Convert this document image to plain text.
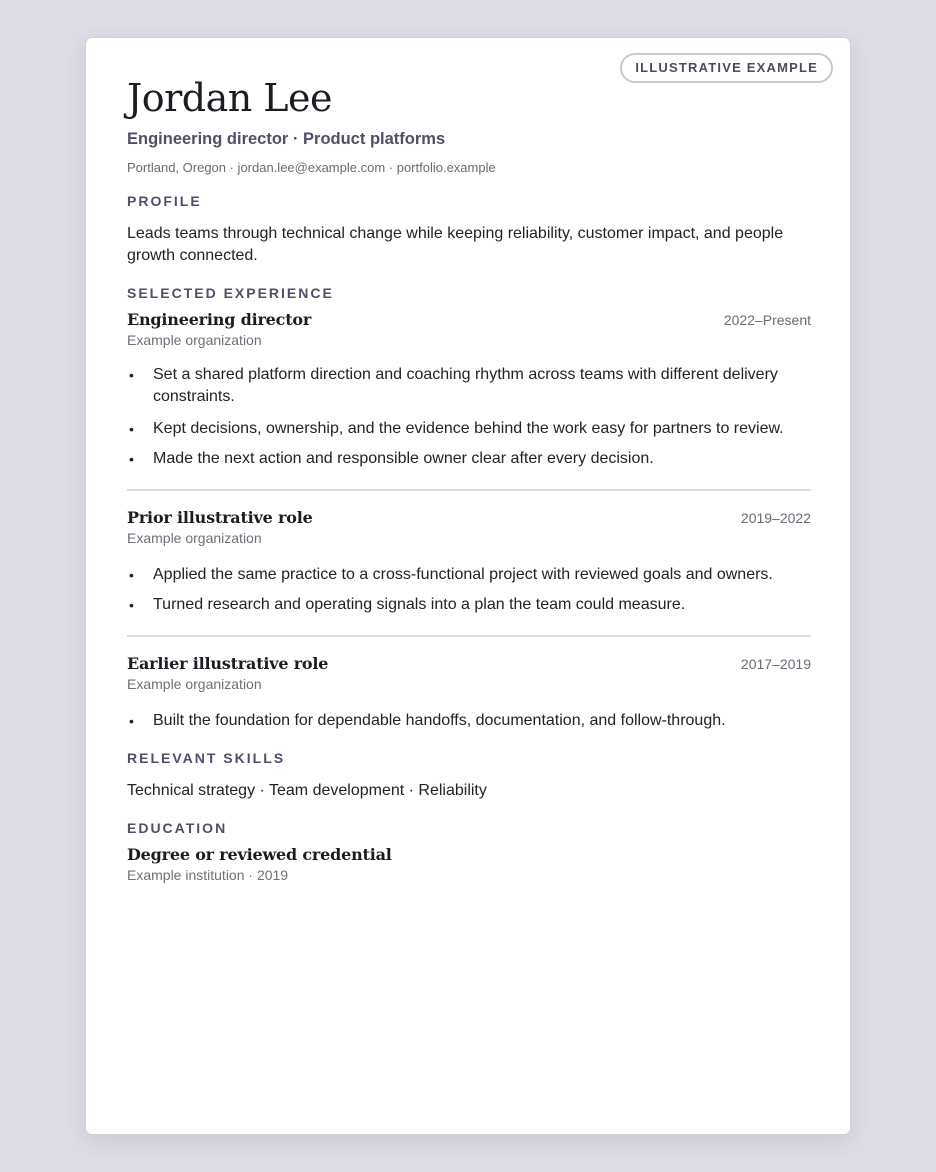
ILLUSTRATIVE EXAMPLE
Jordan Lee
Engineering director · Product platforms
Portland, Oregon · jordan.lee@example.com · portfolio.example
PROFILE
Leads teams through technical change while keeping reliability, customer impact, and people growth connected.
SELECTED EXPERIENCE
Engineering director	2022–Present
Example organization
• Set a shared platform direction and coaching rhythm across teams with different delivery constraints.
• Kept decisions, ownership, and the evidence behind the work easy for partners to review.
• Made the next action and responsible owner clear after every decision.
Prior illustrative role	2019–2022
Example organization
• Applied the same practice to a cross-functional project with reviewed goals and owners.
• Turned research and operating signals into a plan the team could measure.
Earlier illustrative role	2017–2019
Example organization
• Built the foundation for dependable handoffs, documentation, and follow-through.
RELEVANT SKILLS
Technical strategy · Team development · Reliability
EDUCATION
Degree or reviewed credential
Example institution · 2019
